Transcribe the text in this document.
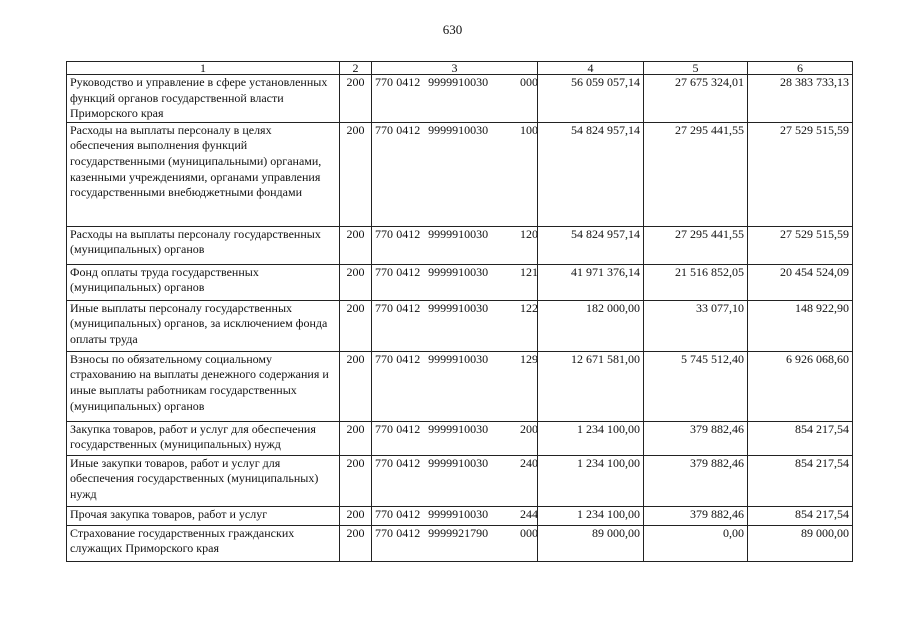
630
1	2	3	4	5	6
Руководство и управление в сфере установленных функций органов государственной власти Приморского края	200	770 0412 9999910030 000	56 059 057,14	27 675 324,01	28 383 733,13
Расходы на выплаты персоналу в целях обеспечения выполнения функций государственными (муниципальными) органами, казенными учреждениями, органами управления государственными внебюджетными фондами	200	770 0412 9999910030 100	54 824 957,14	27 295 441,55	27 529 515,59
Расходы на выплаты персоналу государственных (муниципальных) органов	200	770 0412 9999910030 120	54 824 957,14	27 295 441,55	27 529 515,59
Фонд оплаты труда государственных (муниципальных) органов	200	770 0412 9999910030 121	41 971 376,14	21 516 852,05	20 454 524,09
Иные выплаты персоналу государственных (муниципальных) органов, за исключением фонда оплаты труда	200	770 0412 9999910030 122	182 000,00	33 077,10	148 922,90
Взносы по обязательному социальному страхованию на выплаты денежного содержания и иные выплаты работникам государственных (муниципальных) органов	200	770 0412 9999910030 129	12 671 581,00	5 745 512,40	6 926 068,60
Закупка товаров, работ и услуг для обеспечения государственных (муниципальных) нужд	200	770 0412 9999910030 200	1 234 100,00	379 882,46	854 217,54
Иные закупки товаров, работ и услуг для обеспечения государственных (муниципальных) нужд	200	770 0412 9999910030 240	1 234 100,00	379 882,46	854 217,54
Прочая закупка товаров, работ и услуг	200	770 0412 9999910030 244	1 234 100,00	379 882,46	854 217,54
Страхование государственных гражданских служащих Приморского края	200	770 0412 9999921790 000	89 000,00	0,00	89 000,00
